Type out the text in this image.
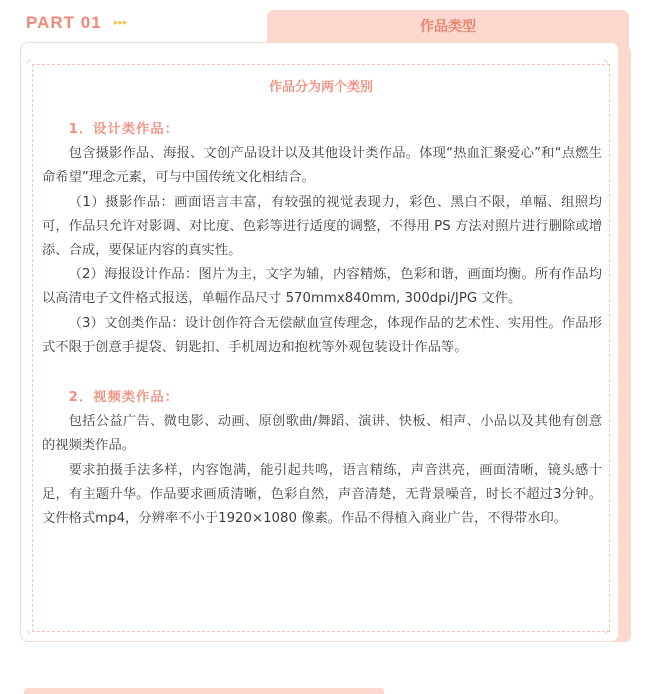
PART 01 ▸▸▸	作品类型
◜	◝
◟	◞
作品分为两个类别

1．设计类作品：

包含摄影作品、海报、文创产品设计以及其他设计类作品。体现“热血汇聚爱心”和“点燃生命希望”理念元素，可与中国传统文化相结合。

（1）摄影作品：画面语言丰富，有较强的视觉表现力，彩色、黑白不限，单幅、组照均可，作品只允许对影调、对比度、色彩等进行适度的调整，不得用 PS 方法对照片进行删除或增添、合成，要保证内容的真实性。

（2）海报设计作品：图片为主，文字为辅，内容精炼，色彩和谐，画面均衡。所有作品均以高清电子文件格式报送，单幅作品尺寸 570mmx840mm, 300dpi/JPG 文件。

（3）文创类作品：设计创作符合无偿献血宣传理念，体现作品的艺术性、实用性。作品形式不限于创意手提袋、钥匙扣、手机周边和抱枕等外观包装设计作品等。

2．视频类作品：

包括公益广告、微电影、动画、原创歌曲/舞蹈、演讲、快板、相声、小品以及其他有创意的视频类作品。

要求拍摄手法多样，内容饱满，能引起共鸣，语言精练，声音洪亮，画面清晰，镜头感十足，有主题升华。作品要求画质清晰，色彩自然，声音清楚，无背景噪音，时长不超过3分钟。文件格式mp4，分辨率不小于1920×1080 像素。作品不得植入商业广告，不得带水印。
